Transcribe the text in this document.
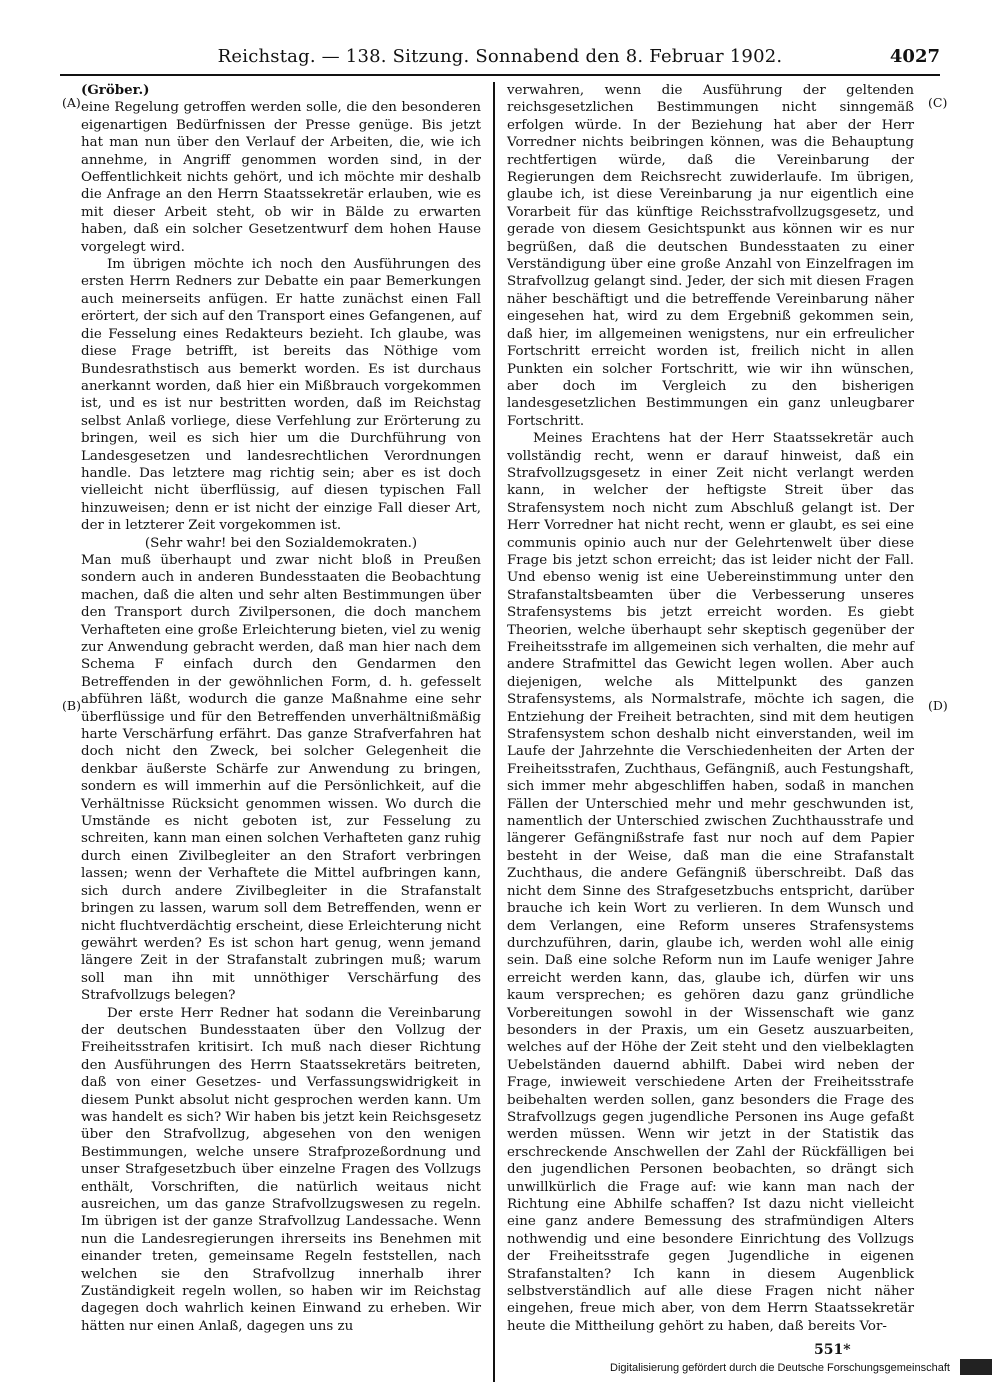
Reichstag. — 138. Sitzung. Sonnabend den 8. Februar 1902.	4027
(A)
(B)
(C)
(D)

(Gröber.)

eine Regelung getroffen werden solle, die den besonderen eigenartigen Bedürfnissen der Presse genüge. Bis jetzt hat man nun über den Verlauf der Arbeiten, die, wie ich annehme, in Angriff genommen worden sind, in der Oeffentlichkeit nichts gehört, und ich möchte mir deshalb die Anfrage an den Herrn Staatssekretär erlauben, wie es mit dieser Arbeit steht, ob wir in Bälde zu erwarten haben, daß ein solcher Gesetzentwurf dem hohen Hause vorgelegt wird.

Im übrigen möchte ich noch den Ausführungen des ersten Herrn Redners zur Debatte ein paar Bemerkungen auch meinerseits anfügen. Er hatte zunächst einen Fall erörtert, der sich auf den Transport eines Gefangenen, auf die Fesselung eines Redakteurs bezieht. Ich glaube, was diese Frage betrifft, ist bereits das Nöthige vom Bundesrathstisch aus bemerkt worden. Es ist durchaus anerkannt worden, daß hier ein Mißbrauch vorgekommen ist, und es ist nur bestritten worden, daß im Reichstag selbst Anlaß vorliege, diese Verfehlung zur Erörterung zu bringen, weil es sich hier um die Durchführung von Landesgesetzen und landesrechtlichen Verordnungen handle. Das letztere mag richtig sein; aber es ist doch vielleicht nicht überflüssig, auf diesen typischen Fall hinzuweisen; denn er ist nicht der einzige Fall dieser Art, der in letzterer Zeit vorgekommen ist.

(Sehr wahr! bei den Sozialdemokraten.)

Man muß überhaupt und zwar nicht bloß in Preußen sondern auch in anderen Bundesstaaten die Beobachtung machen, daß die alten und sehr alten Bestimmungen über den Transport durch Zivilpersonen, die doch manchem Verhafteten eine große Erleichterung bieten, viel zu wenig zur Anwendung gebracht werden, daß man hier nach dem Schema F einfach durch den Gendarmen den Betreffenden in der gewöhnlichen Form, d. h. gefesselt abführen läßt, wodurch die ganze Maßnahme eine sehr überflüssige und für den Betreffenden unverhältnißmäßig harte Verschärfung erfährt. Das ganze Strafverfahren hat doch nicht den Zweck, bei solcher Gelegenheit die denkbar äußerste Schärfe zur Anwendung zu bringen, sondern es will immerhin auf die Persönlichkeit, auf die Verhältnisse Rücksicht genommen wissen. Wo durch die Umstände es nicht geboten ist, zur Fesselung zu schreiten, kann man einen solchen Verhafteten ganz ruhig durch einen Zivilbegleiter an den Strafort verbringen lassen; wenn der Verhaftete die Mittel aufbringen kann, sich durch andere Zivilbegleiter in die Strafanstalt bringen zu lassen, warum soll dem Betreffenden, wenn er nicht fluchtverdächtig erscheint, diese Erleichterung nicht gewährt werden? Es ist schon hart genug, wenn jemand längere Zeit in der Strafanstalt zubringen muß; warum soll man ihn mit unnöthiger Verschärfung des Strafvollzugs belegen?

Der erste Herr Redner hat sodann die Vereinbarung der deutschen Bundesstaaten über den Vollzug der Freiheitsstrafen kritisirt. Ich muß nach dieser Richtung den Ausführungen des Herrn Staatssekretärs beitreten, daß von einer Gesetzes- und Verfassungswidrigkeit in diesem Punkt absolut nicht gesprochen werden kann. Um was handelt es sich? Wir haben bis jetzt kein Reichsgesetz über den Strafvollzug, abgesehen von den wenigen Bestimmungen, welche unsere Strafprozeßordnung und unser Strafgesetzbuch über einzelne Fragen des Vollzugs enthält, Vorschriften, die natürlich weitaus nicht ausreichen, um das ganze Strafvollzugswesen zu regeln. Im übrigen ist der ganze Strafvollzug Landessache. Wenn nun die Landesregierungen ihrerseits ins Benehmen mit einander treten, gemeinsame Regeln feststellen, nach welchen sie den Strafvollzug innerhalb ihrer Zuständigkeit regeln wollen, so haben wir im Reichstag dagegen doch wahrlich keinen Einwand zu erheben. Wir hätten nur einen Anlaß, dagegen uns zu

verwahren, wenn die Ausführung der geltenden reichsgesetzlichen Bestimmungen nicht sinngemäß erfolgen würde. In der Beziehung hat aber der Herr Vorredner nichts beibringen können, was die Behauptung rechtfertigen würde, daß die Vereinbarung der Regierungen dem Reichsrecht zuwiderlaufe. Im übrigen, glaube ich, ist diese Vereinbarung ja nur eigentlich eine Vorarbeit für das künftige Reichsstrafvollzugsgesetz, und gerade von diesem Gesichtspunkt aus können wir es nur begrüßen, daß die deutschen Bundesstaaten zu einer Verständigung über eine große Anzahl von Einzelfragen im Strafvollzug gelangt sind. Jeder, der sich mit diesen Fragen näher beschäftigt und die betreffende Vereinbarung näher eingesehen hat, wird zu dem Ergebniß gekommen sein, daß hier, im allgemeinen wenigstens, nur ein erfreulicher Fortschritt erreicht worden ist, freilich nicht in allen Punkten ein solcher Fortschritt, wie wir ihn wünschen, aber doch im Vergleich zu den bisherigen landesgesetzlichen Bestimmungen ein ganz unleugbarer Fortschritt.

Meines Erachtens hat der Herr Staatssekretär auch vollständig recht, wenn er darauf hinweist, daß ein Strafvollzugsgesetz in einer Zeit nicht verlangt werden kann, in welcher der heftigste Streit über das Strafensystem noch nicht zum Abschluß gelangt ist. Der Herr Vorredner hat nicht recht, wenn er glaubt, es sei eine communis opinio auch nur der Gelehrtenwelt über diese Frage bis jetzt schon erreicht; das ist leider nicht der Fall. Und ebenso wenig ist eine Uebereinstimmung unter den Strafanstaltsbeamten über die Verbesserung unseres Strafensystems bis jetzt erreicht worden. Es giebt Theorien, welche überhaupt sehr skeptisch gegenüber der Freiheitsstrafe im allgemeinen sich verhalten, die mehr auf andere Strafmittel das Gewicht legen wollen. Aber auch diejenigen, welche als Mittelpunkt des ganzen Strafensystems, als Normalstrafe, möchte ich sagen, die Entziehung der Freiheit betrachten, sind mit dem heutigen Strafensystem schon deshalb nicht einverstanden, weil im Laufe der Jahrzehnte die Verschiedenheiten der Arten der Freiheitsstrafen, Zuchthaus, Gefängniß, auch Festungshaft, sich immer mehr abgeschliffen haben, sodaß in manchen Fällen der Unterschied mehr und mehr geschwunden ist, namentlich der Unterschied zwischen Zuchthausstrafe und längerer Gefängnißstrafe fast nur noch auf dem Papier besteht in der Weise, daß man die eine Strafanstalt Zuchthaus, die andere Gefängniß überschreibt. Daß das nicht dem Sinne des Strafgesetzbuchs entspricht, darüber brauche ich kein Wort zu verlieren. In dem Wunsch und dem Verlangen, eine Reform unseres Strafensystems durchzuführen, darin, glaube ich, werden wohl alle einig sein. Daß eine solche Reform nun im Laufe weniger Jahre erreicht werden kann, das, glaube ich, dürfen wir uns kaum versprechen; es gehören dazu ganz gründliche Vorbereitungen sowohl in der Wissenschaft wie ganz besonders in der Praxis, um ein Gesetz auszuarbeiten, welches auf der Höhe der Zeit steht und den vielbeklagten Uebelständen dauernd abhilft. Dabei wird neben der Frage, inwieweit verschiedene Arten der Freiheitsstrafe beibehalten werden sollen, ganz besonders die Frage des Strafvollzugs gegen jugendliche Personen ins Auge gefaßt werden müssen. Wenn wir jetzt in der Statistik das erschreckende Anschwellen der Zahl der Rückfälligen bei den jugendlichen Personen beobachten, so drängt sich unwillkürlich die Frage auf: wie kann man nach der Richtung eine Abhilfe schaffen? Ist dazu nicht vielleicht eine ganz andere Bemessung des strafmündigen Alters nothwendig und eine besondere Einrichtung des Vollzugs der Freiheitsstrafe gegen Jugendliche in eigenen Strafanstalten? Ich kann in diesem Augenblick selbstverständlich auf alle diese Fragen nicht näher eingehen, freue mich aber, von dem Herrn Staatssekretär heute die Mittheilung gehört zu haben, daß bereits Vor-

551*
Digitalisierung gefördert durch die Deutsche Forschungsgemeinschaft
